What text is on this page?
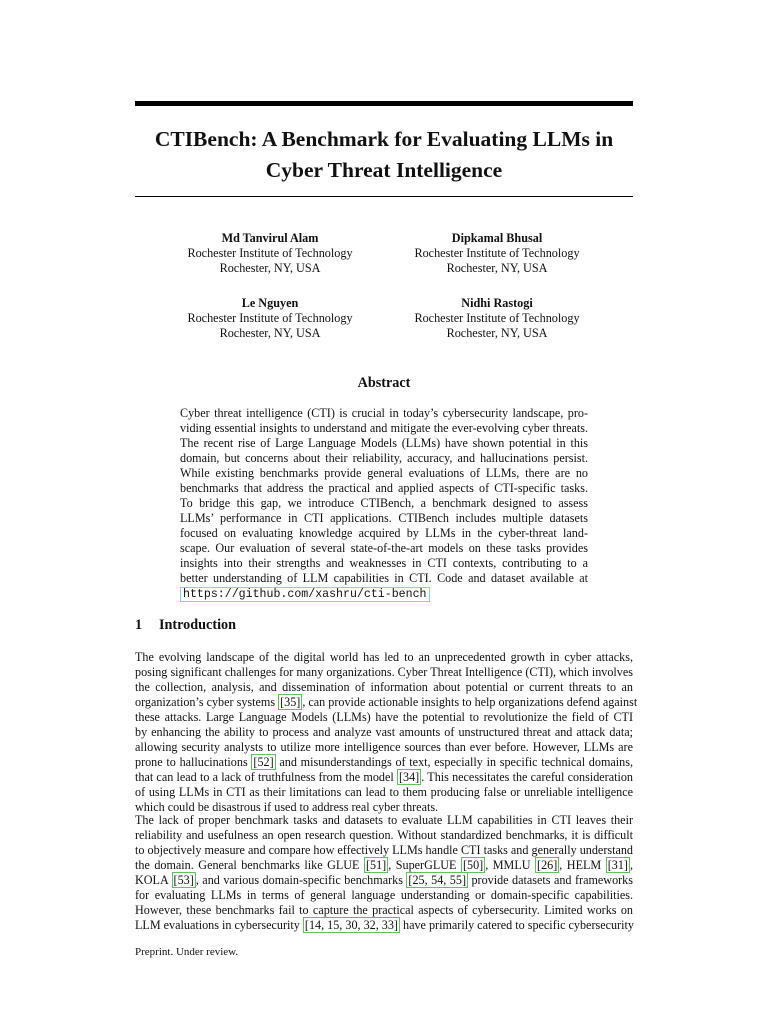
CTIBench: A Benchmark for Evaluating LLMs in
Cyber Threat Intelligence
Md Tanvirul Alam
Rochester Institute of Technology
Rochester, NY, USA
Dipkamal Bhusal
Rochester Institute of Technology
Rochester, NY, USA
Le Nguyen
Rochester Institute of Technology
Rochester, NY, USA
Nidhi Rastogi
Rochester Institute of Technology
Rochester, NY, USA
Abstract
Cyber threat intelligence (CTI) is crucial in today’s cybersecurity landscape, pro-
viding essential insights to understand and mitigate the ever-evolving cyber threats.
The recent rise of Large Language Models (LLMs) have shown potential in this
domain, but concerns about their reliability, accuracy, and hallucinations persist.
While existing benchmarks provide general evaluations of LLMs, there are no
benchmarks that address the practical and applied aspects of CTI-specific tasks.
To bridge this gap, we introduce CTIBench, a benchmark designed to assess
LLMs’ performance in CTI applications. CTIBench includes multiple datasets
focused on evaluating knowledge acquired by LLMs in the cyber-threat land-
scape. Our evaluation of several state-of-the-art models on these tasks provides
insights into their strengths and weaknesses in CTI contexts, contributing to a
better understanding of LLM capabilities in CTI. Code and dataset available at
https://github.com/xashru/cti-bench
1 Introduction
The evolving landscape of the digital world has led to an unprecedented growth in cyber attacks,
posing significant challenges for many organizations. Cyber Threat Intelligence (CTI), which involves
the collection, analysis, and dissemination of information about potential or current threats to an
organization’s cyber systems [35] , can provide actionable insights to help organizations defend against
these attacks. Large Language Models (LLMs) have the potential to revolutionize the field of CTI
by enhancing the ability to process and analyze vast amounts of unstructured threat and attack data;
allowing security analysts to utilize more intelligence sources than ever before. However, LLMs are
prone to hallucinations [52] and misunderstandings of text, especially in specific technical domains,
that can lead to a lack of truthfulness from the model [34] . This necessitates the careful consideration
of using LLMs in CTI as their limitations can lead to them producing false or unreliable intelligence
which could be disastrous if used to address real cyber threats.
The lack of proper benchmark tasks and datasets to evaluate LLM capabilities in CTI leaves their
reliability and usefulness an open research question. Without standardized benchmarks, it is difficult
to objectively measure and compare how effectively LLMs handle CTI tasks and generally understand
the domain. General benchmarks like GLUE [51] , SuperGLUE [50] , MMLU [26] , HELM [31] ,
KOLA [53] , and various domain-specific benchmarks [25, 54, 55] provide datasets and frameworks
for evaluating LLMs in terms of general language understanding or domain-specific capabilities.
However, these benchmarks fail to capture the practical aspects of cybersecurity. Limited works on
LLM evaluations in cybersecurity [14, 15, 30, 32, 33] have primarily catered to specific cybersecurity
Preprint. Under review.
